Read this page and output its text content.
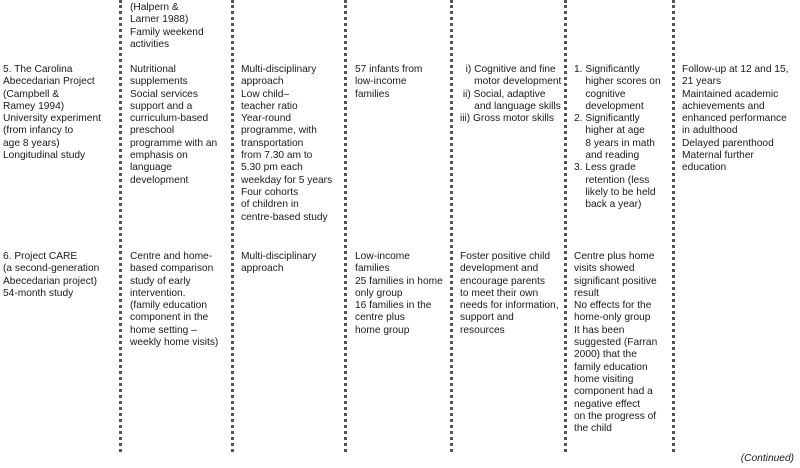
(Halpern &
Larner 1988)
Family weekend
activities
5. The Carolina
Abecedarian Project
(Campbell &
Ramey 1994)
University experiment
(from infancy to
age 8 years)
Longitudinal study
Nutritional
supplements
Social services
support and a
curriculum-based
preschool
programme with an
emphasis on
language
development
Multi-disciplinary
approach
Low child–
teacher ratio
Year-round
programme, with
transportation
from 7.30 am to
5.30 pm each
weekday for 5 years
Four cohorts
of children in
centre-based study
57 infants from
low-income
families
i) Cognitive and fine
motor development
ii) Social, adaptive
and language skills
iii) Gross motor skills
1. Significantly
higher scores on
cognitive
development
2. Significantly
higher at age
8 years in math
and reading
3. Less grade
retention (less
likely to be held
back a year)
Follow-up at 12 and 15,
21 years
Maintained academic
achievements and
enhanced performance
in adulthood
Delayed parenthood
Maternal further
education
6. Project CARE
(a second-generation
Abecedarian project)
54-month study
Centre and home-
based comparison
study of early
intervention.
(family education
component in the
home setting –
weekly home visits)
Multi-disciplinary
approach
Low-income
families
25 families in home
only group
16 families in the
centre plus
home group
Foster positive child
development and
encourage parents
to meet their own
needs for information,
support and
resources
Centre plus home
visits showed
significant positive
result
No effects for the
home-only group
It has been
suggested (Farran
2000) that the
family education
home visiting
component had a
negative effect
on the progress of
the child
(Continued)
